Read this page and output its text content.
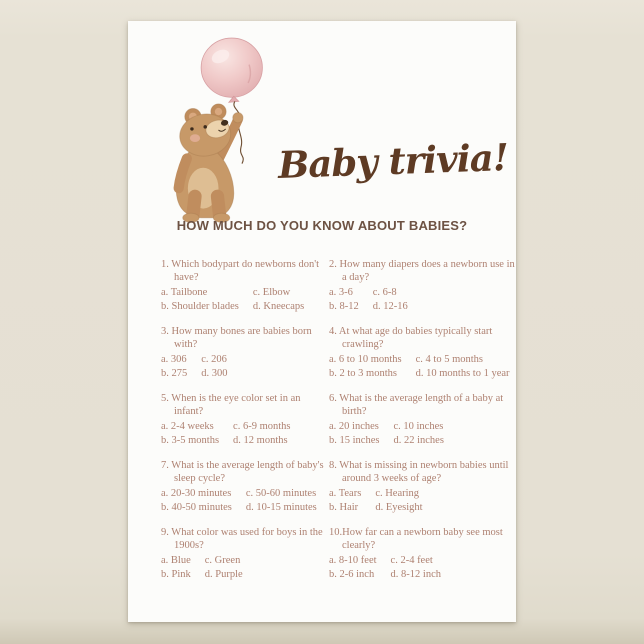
Baby trivia!
HOW MUCH DO YOU KNOW ABOUT BABIES?

1. Which bodypart do newborns don't have?

a. Tailbone	c. Elbow
b. Shoulder blades d. Kneecaps

2. How many diapers does a newborn use in a day?

a. 3-6	c. 6-8
b. 8-12 d. 12-16

3. How many bones are babies born with?

a. 306 c. 206
b. 275 d. 300

4. At what age do babies typically start crawling?

a. 6 to 10 months c. 4 to 5 months
b. 2 to 3 months	d. 10 months to 1 year

5. When is the eye color set in an infant?

a. 2-4 weeks	c. 6-9 months
b. 3-5 months d. 12 months

6. What is the average length of a baby at birth?

a. 20 inches c. 10 inches
b. 15 inches d. 22 inches

7. What is the average length of baby's sleep cycle?

a. 20-30 minutes c. 50-60 minutes
b. 40-50 minutes d. 10-15 minutes

8. What is missing in newborn babies until around 3 weeks of age?

a. Tears c. Hearing
b. Hair d. Eyesight

9. What color was used for boys in the 1900s?

a. Blue c. Green
b. Pink d. Purple

10.How far can a newborn baby see most clearly?

a. 8-10 feet c. 2-4 feet
b. 2-6 inch d. 8-12 inch
